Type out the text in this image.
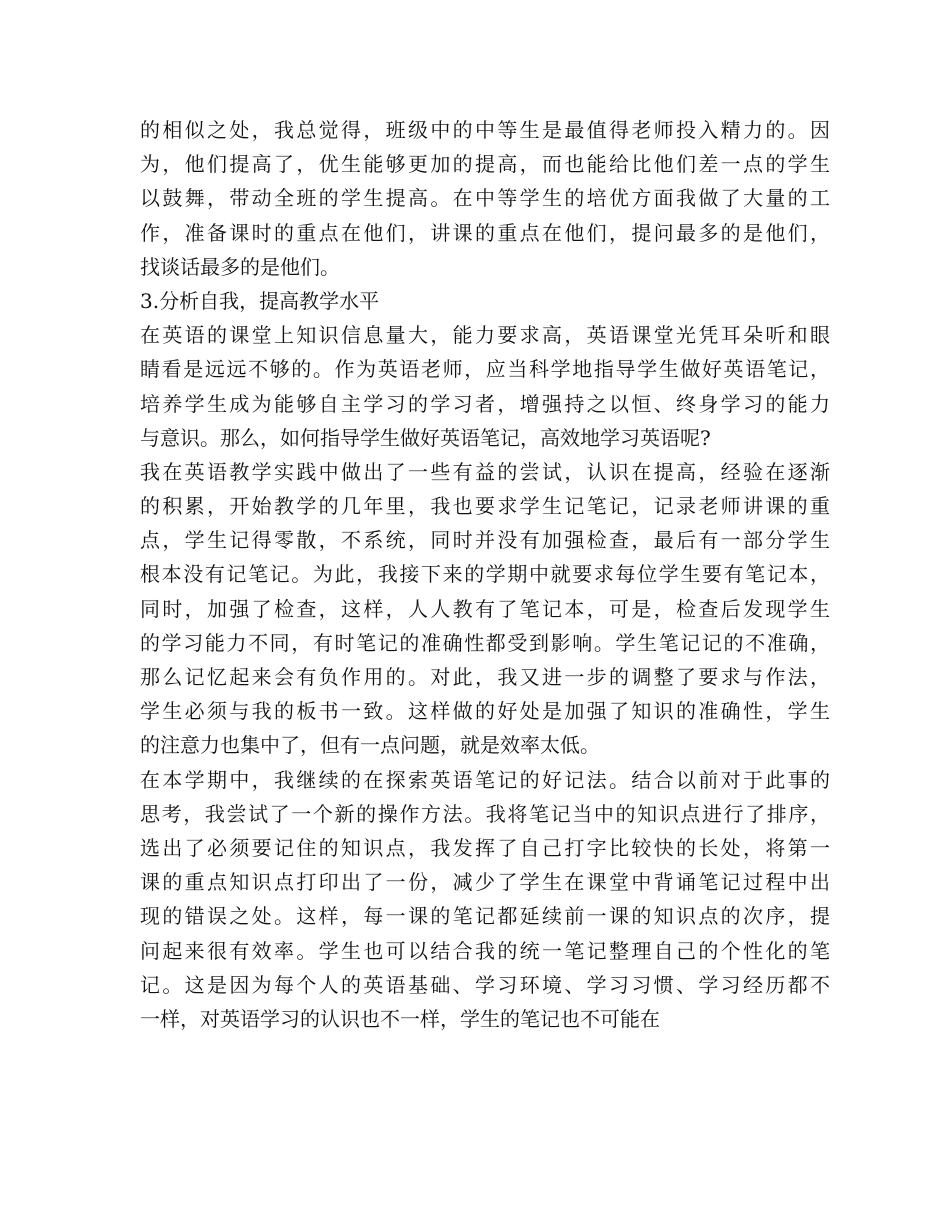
的相似之处，我总觉得，班级中的中等生是最值得老师投入精力的。因
为，他们提高了，优生能够更加的提高，而也能给比他们差一点的学生
以鼓舞，带动全班的学生提高。在中等学生的培优方面我做了大量的工
作，准备课时的重点在他们，讲课的重点在他们，提问最多的是他们，
找谈话最多的是他们。
3.分析自我，提高教学水平
在英语的课堂上知识信息量大，能力要求高，英语课堂光凭耳朵听和眼
睛看是远远不够的。作为英语老师，应当科学地指导学生做好英语笔记，
培养学生成为能够自主学习的学习者，增强持之以恒、终身学习的能力
与意识。那么，如何指导学生做好英语笔记，高效地学习英语呢?
我在英语教学实践中做出了一些有益的尝试，认识在提高，经验在逐渐
的积累，开始教学的几年里，我也要求学生记笔记，记录老师讲课的重
点，学生记得零散，不系统，同时并没有加强检查，最后有一部分学生
根本没有记笔记。为此，我接下来的学期中就要求每位学生要有笔记本，
同时，加强了检查，这样，人人教有了笔记本，可是，检查后发现学生
的学习能力不同，有时笔记的准确性都受到影响。学生笔记记的不准确，
那么记忆起来会有负作用的。对此，我又进一步的调整了要求与作法，
学生必须与我的板书一致。这样做的好处是加强了知识的准确性，学生
的注意力也集中了，但有一点问题，就是效率太低。
在本学期中，我继续的在探索英语笔记的好记法。结合以前对于此事的
思考，我尝试了一个新的操作方法。我将笔记当中的知识点进行了排序，
选出了必须要记住的知识点，我发挥了自己打字比较快的长处，将第一
课的重点知识点打印出了一份，减少了学生在课堂中背诵笔记过程中出
现的错误之处。这样，每一课的笔记都延续前一课的知识点的次序，提
问起来很有效率。学生也可以结合我的统一笔记整理自己的个性化的笔
记。这是因为每个人的英语基础、学习环境、学习习惯、学习经历都不
一样，对英语学习的认识也不一样，学生的笔记也不可能在
